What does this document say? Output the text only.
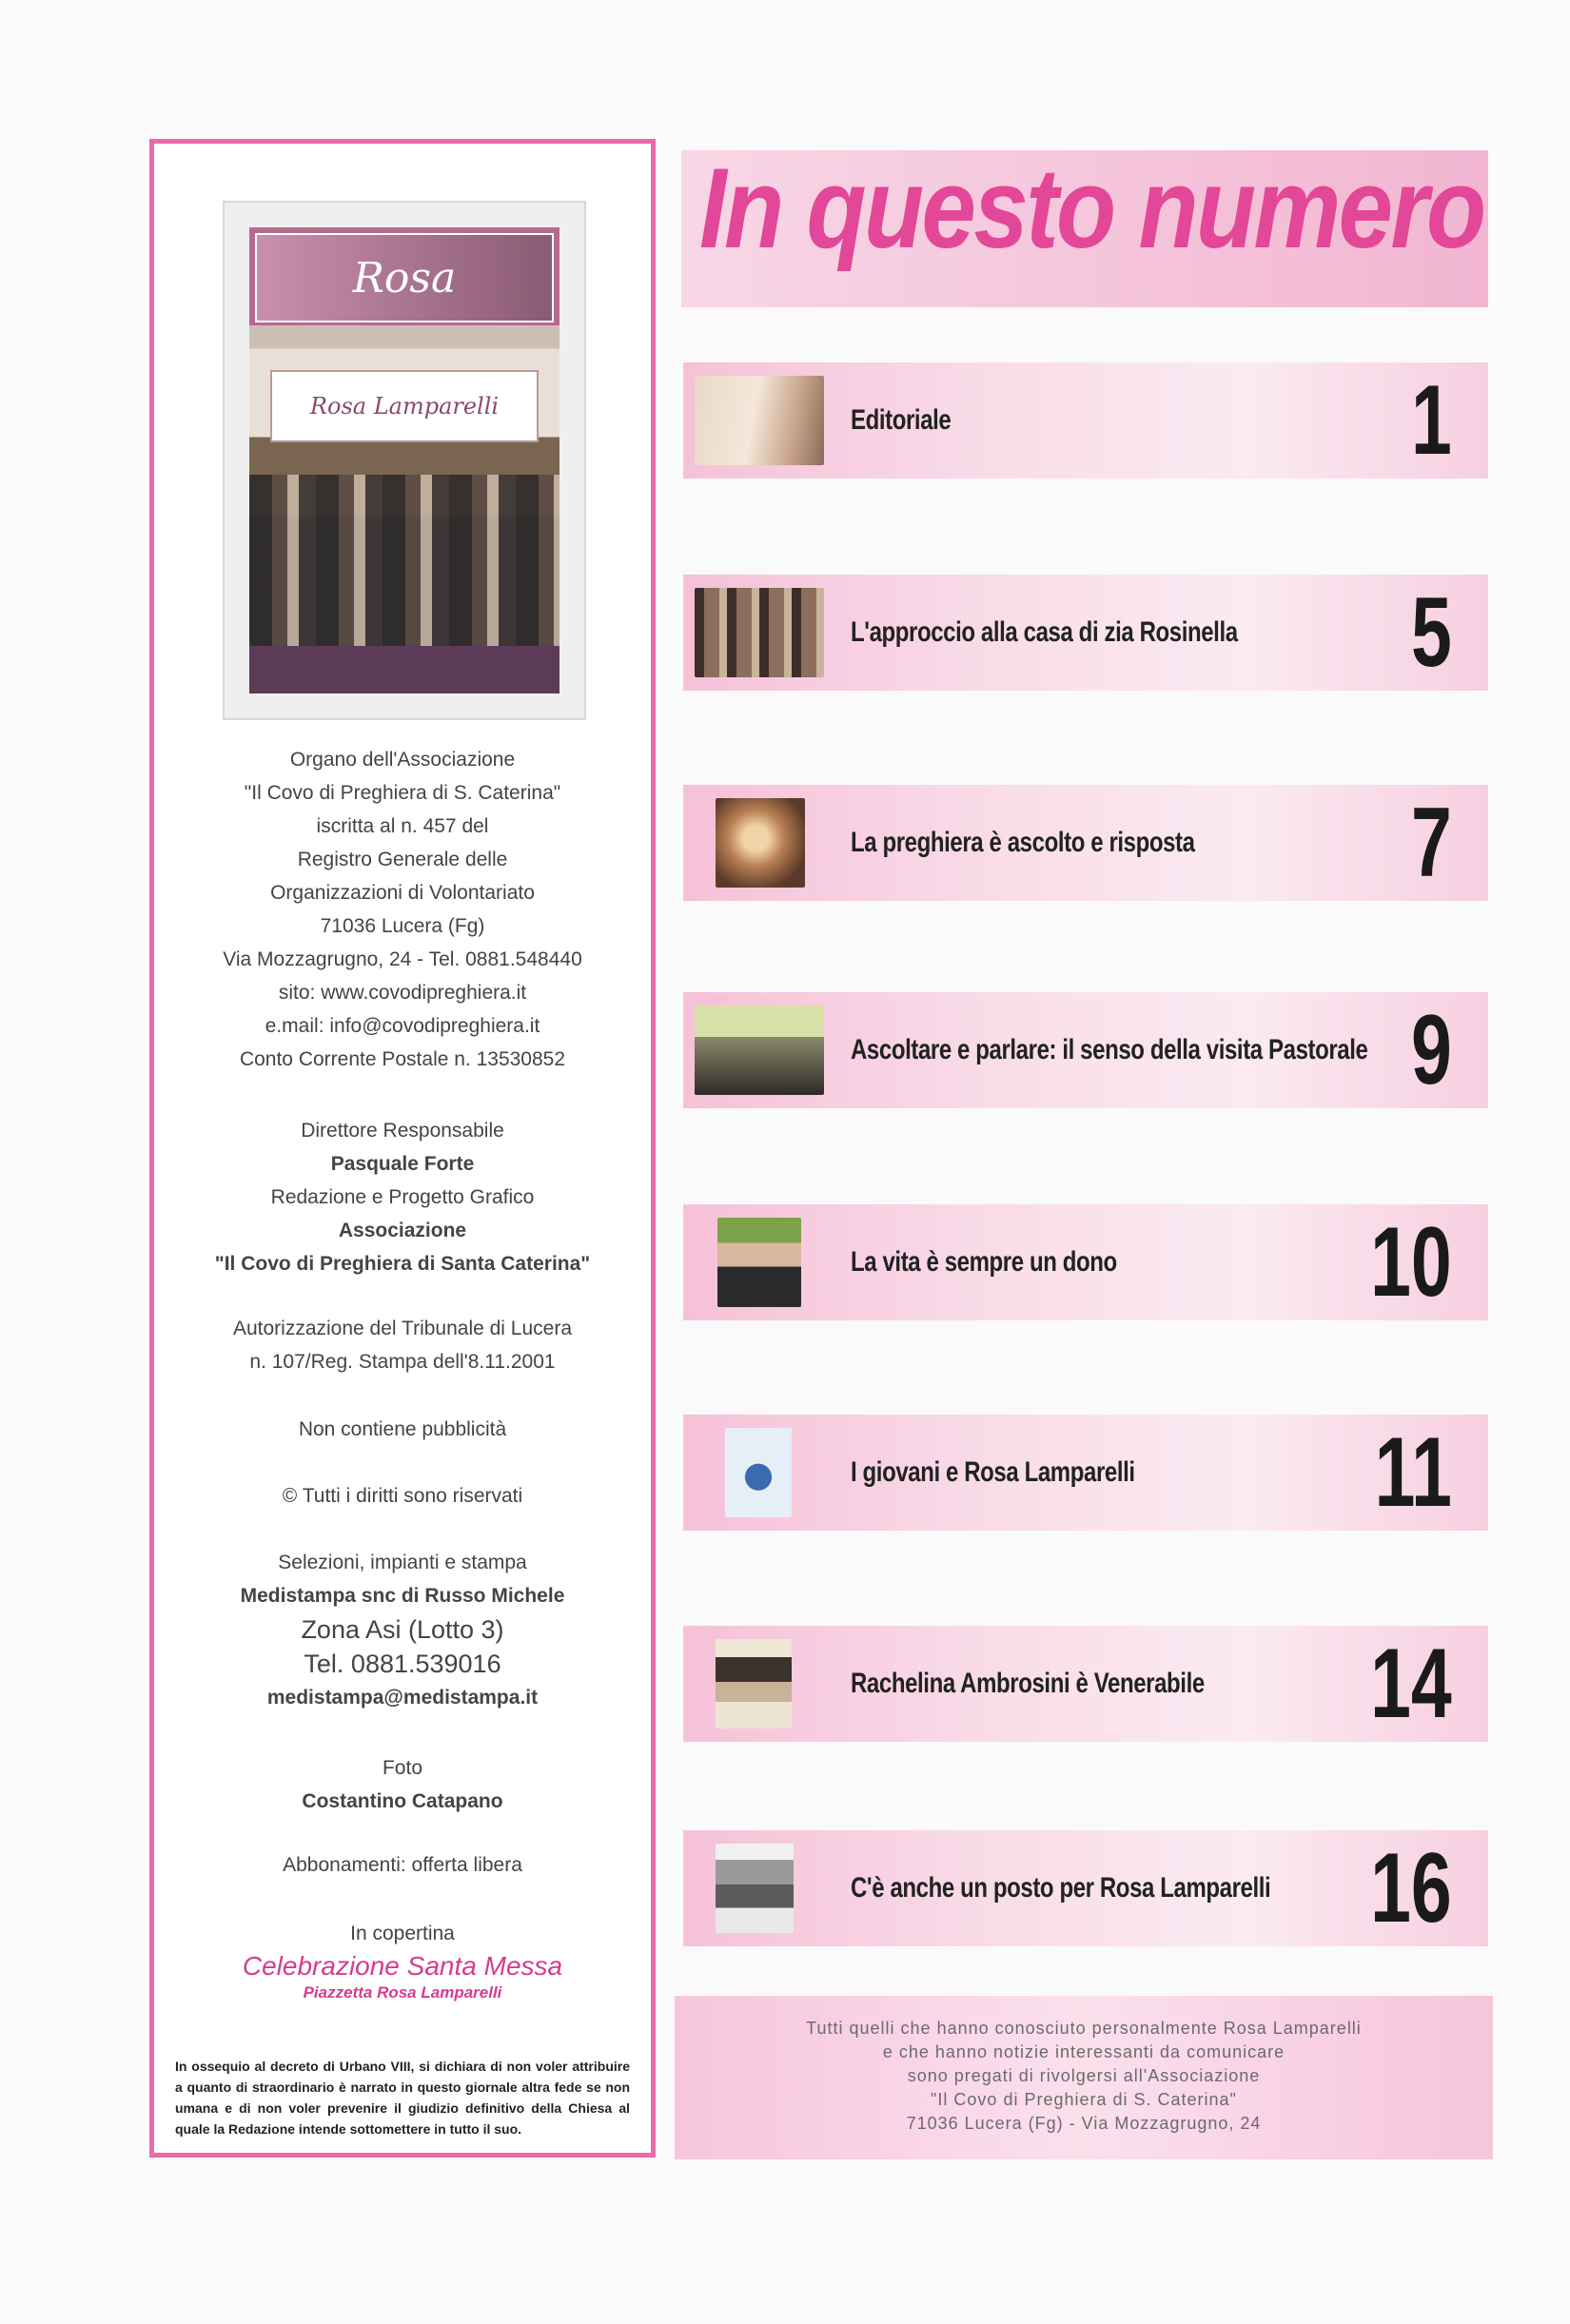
Rosa
Rosa Lamparelli

Organo dell'Associazione

"Il Covo di Preghiera di S. Caterina"

iscritta al n. 457 del

Registro Generale delle

Organizzazioni di Volontariato

71036 Lucera (Fg)

Via Mozzagrugno, 24 - Tel. 0881.548440

sito: www.covodipreghiera.it

e.mail: info@covodipreghiera.it

Conto Corrente Postale n. 13530852

Direttore Responsabile

Pasquale Forte

Redazione e Progetto Grafico

Associazione

"Il Covo di Preghiera di Santa Caterina"

Autorizzazione del Tribunale di Lucera

n. 107/Reg. Stampa dell'8.11.2001

Non contiene pubblicità

© Tutti i diritti sono riservati

Selezioni, impianti e stampa

Medistampa snc di Russo Michele

Zona Asi (Lotto 3)

Tel. 0881.539016

medistampa@medistampa.it

Foto

Costantino Catapano

Abbonamenti: offerta libera

In copertina

Celebrazione Santa Messa

Piazzetta Rosa Lamparelli

In ossequio al decreto di Urbano VIII, si dichiara di non voler attribuire a quanto di straordinario è narrato in questo giornale altra fede se non umana e di non voler prevenire il giudizio definitivo della Chiesa al quale la Redazione intende sottomettere in tutto il suo.

In questo numero
Editoriale	1
L'approccio alla casa di zia Rosinella 5
La preghiera è ascolto e risposta 7
Ascoltare e parlare: il senso della visita Pastorale 9
La vita è sempre un dono	10
I giovani e Rosa Lamparelli 11
Rachelina Ambrosini è Venerabile 14
C'è anche un posto per Rosa Lamparelli 16

Tutti quelli che hanno conosciuto personalmente Rosa Lamparelli

e che hanno notizie interessanti da comunicare

sono pregati di rivolgersi all'Associazione

"Il Covo di Preghiera di S. Caterina"

71036 Lucera (Fg) - Via Mozzagrugno, 24
